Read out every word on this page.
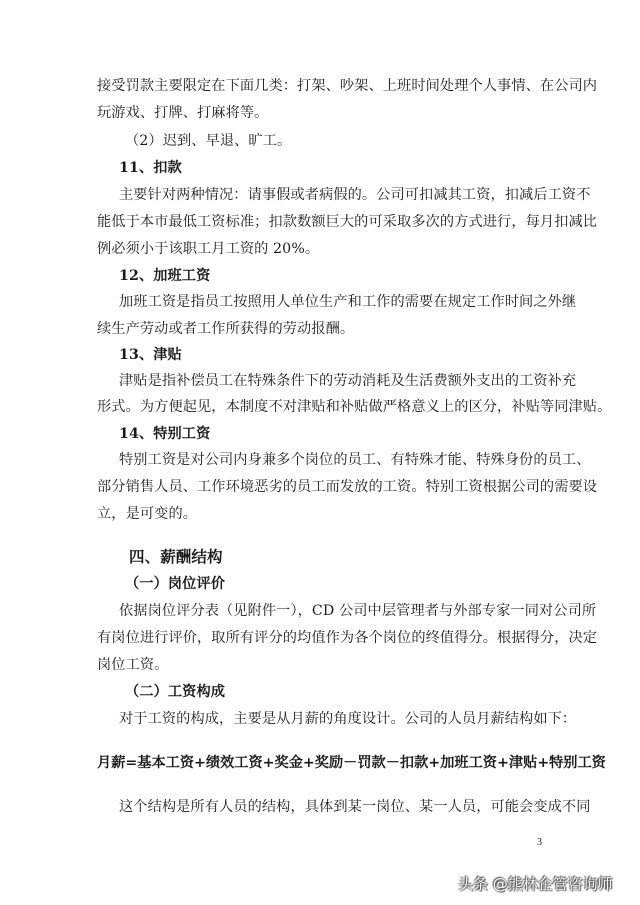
接受罚款主要限定在下面几类：打架、吵架、上班时间处理个人事情、在公司内
玩游戏、打牌、打麻将等。
（2）迟到、早退、旷工。
11、扣款
主要针对两种情况：请事假或者病假的。公司可扣减其工资，扣减后工资不
能低于本市最低工资标准；扣款数额巨大的可采取多次的方式进行，每月扣减比
例必须小于该职工月工资的 20%。
12、加班工资
加班工资是指员工按照用人单位生产和工作的需要在规定工作时间之外继
续生产劳动或者工作所获得的劳动报酬。
13、津贴
津贴是指补偿员工在特殊条件下的劳动消耗及生活费额外支出的工资补充
形式。为方便起见，本制度不对津贴和补贴做严格意义上的区分，补贴等同津贴。
14、特别工资
特别工资是对公司内身兼多个岗位的员工、有特殊才能、特殊身份的员工、
部分销售人员、工作环境恶劣的员工而发放的工资。特别工资根据公司的需要设
立，是可变的。
四、薪酬结构
（一）岗位评价
依据岗位评分表（见附件一），CD 公司中层管理者与外部专家一同对公司所
有岗位进行评价，取所有评分的均值作为各个岗位的终值得分。根据得分，决定
岗位工资。
（二）工资构成
对于工资的构成，主要是从月薪的角度设计。公司的人员月薪结构如下：
月薪=基本工资+绩效工资+奖金+奖励－罚款－扣款+加班工资+津贴+特别工资
这个结构是所有人员的结构，具体到某一岗位、某一人员，可能会变成不同
3
头条 @熊林企管咨询师
